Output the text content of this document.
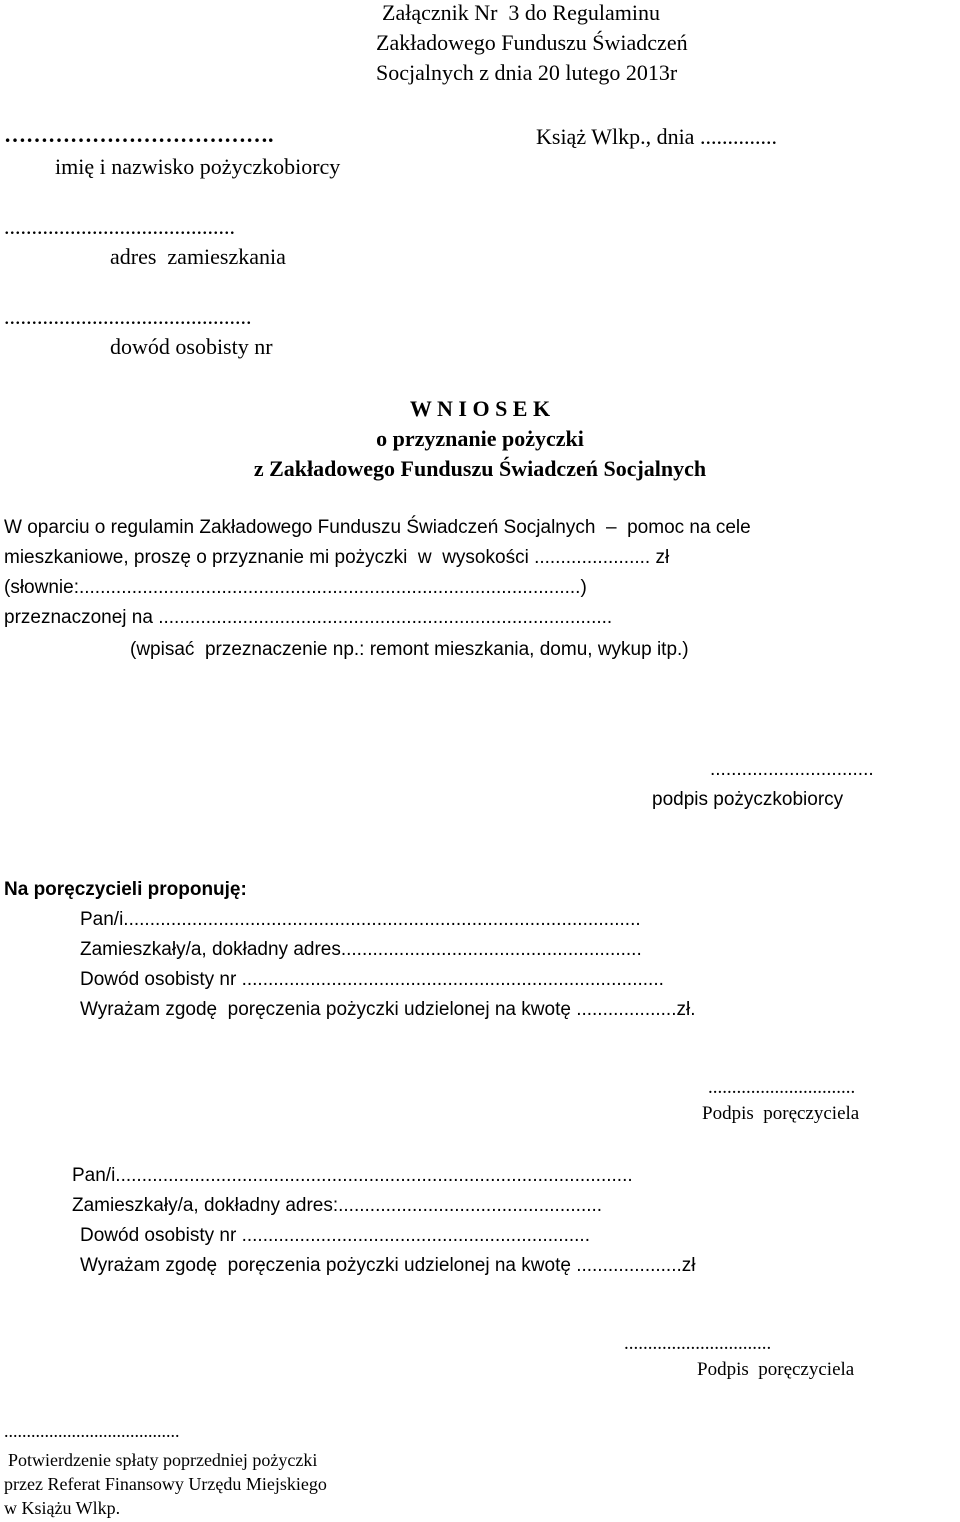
Załącznik Nr  3 do Regulaminu
Zakładowego Funduszu Świadczeń
Socjalnych z dnia 20 lutego 2013r
……………………………….	Książ Wlkp., dnia ..............
imię i nazwisko pożyczkobiorcy
..........................................
adres  zamieszkania
.............................................
dowód osobisty nr
W N I O S E K
o przyznanie pożyczki
z Zakładowego Funduszu Świadczeń Socjalnych
W oparciu o regulamin Zakładowego Funduszu Świadczeń Socjalnych  –  pomoc na cele
mieszkaniowe, proszę o przyznanie mi pożyczki  w  wysokości ...................... zł
(słownie:...............................................................................................)
przeznaczonej na ......................................................................................
(wpisać  przeznaczenie np.: remont mieszkania, domu, wykup itp.)
...............................
podpis pożyczkobiorcy
Na poręczycieli proponuję:
Pan/i..................................................................................................
Zamieszkały/a, dokładny adres.........................................................
Dowód osobisty nr ................................................................................
Wyrażam zgodę  poręczenia pożyczki udzielonej na kwotę ...................zł.
...............................
Podpis  poręczyciela
Pan/i..................................................................................................
Zamieszkały/a, dokładny adres:..................................................
Dowód osobisty nr ..................................................................
Wyrażam zgodę  poręczenia pożyczki udzielonej na kwotę ....................zł
...............................
Podpis  poręczyciela
.......................................
Potwierdzenie spłaty poprzedniej pożyczki
przez Referat Finansowy Urzędu Miejskiego
w Książu Wlkp.
